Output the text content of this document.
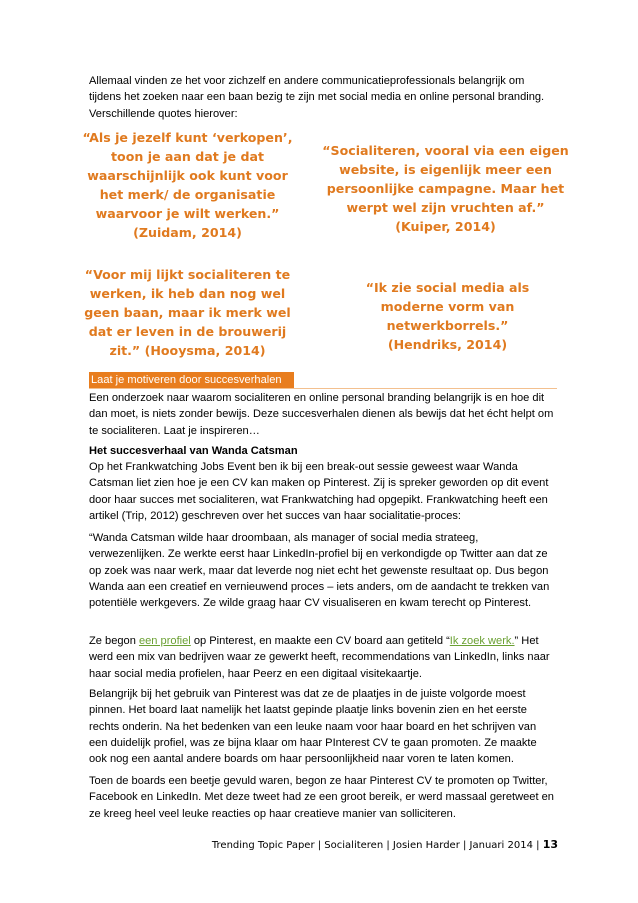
Allemaal vinden ze het voor zichzelf en andere communicatieprofessionals belangrijk om tijdens het zoeken naar een baan bezig te zijn met social media en online personal branding. Verschillende quotes hierover:

“Als je jezelf kunt ‘verkopen’,
toon je aan dat je dat
waarschijnlijk ook kunt voor
het merk/ de organisatie
waarvoor je wilt werken.”
(Zuidam, 2014)
“Socialiteren, vooral via een eigen
website, is eigenlijk meer een
persoonlijke campagne. Maar het
werpt wel zijn vruchten af.”
(Kuiper, 2014)
“Voor mij lijkt socialiteren te
werken, ik heb dan nog wel
geen baan, maar ik merk wel
dat er leven in de brouwerij
zit.” (Hooysma, 2014)
“Ik zie social media als
moderne vorm van
netwerkborrels.”
(Hendriks, 2014)
Laat je motiveren door succesverhalen

Een onderzoek naar waarom socialiteren en online personal branding belangrijk is en hoe dit dan moet, is niets zonder bewijs. Deze succesverhalen dienen als bewijs dat het écht helpt om te socialiteren. Laat je inspireren…

Het succesverhaal van Wanda Catsman

Op het Frankwatching Jobs Event ben ik bij een break-out sessie geweest waar Wanda Catsman liet zien hoe je een CV kan maken op Pinterest. Zij is spreker geworden op dit event door haar succes met socialiteren, wat Frankwatching had opgepikt. Frankwatching heeft een artikel (Trip, 2012) geschreven over het succes van haar socialitatie-proces:

“Wanda Catsman wilde haar droombaan, als manager of social media strateeg, verwezenlijken. Ze werkte eerst haar LinkedIn-profiel bij en verkondigde op Twitter aan dat ze op zoek was naar werk, maar dat leverde nog niet echt het gewenste resultaat op. Dus begon Wanda aan een creatief en vernieuwend proces – iets anders, om de aandacht te trekken van potentiële werkgevers. Ze wilde graag haar CV visualiseren en kwam terecht op Pinterest.

Ze begon een profiel op Pinterest, en maakte een CV board aan getiteld “Ik zoek werk.” Het werd een mix van bedrijven waar ze gewerkt heeft, recommendations van LinkedIn, links naar haar social media profielen, haar Peerz en een digitaal visitekaartje.

Belangrijk bij het gebruik van Pinterest was dat ze de plaatjes in de juiste volgorde moest pinnen. Het board laat namelijk het laatst gepinde plaatje links bovenin zien en het eerste rechts onderin. Na het bedenken van een leuke naam voor haar board en het schrijven van een duidelijk profiel, was ze bijna klaar om haar PInterest CV te gaan promoten. Ze maakte ook nog een aantal andere boards om haar persoonlijkheid naar voren te laten komen.

Toen de boards een beetje gevuld waren, begon ze haar Pinterest CV te promoten op Twitter, Facebook en LinkedIn. Met deze tweet had ze een groot bereik, er werd massaal geretweet en ze kreeg heel veel leuke reacties op haar creatieve manier van solliciteren.

Trending Topic Paper | Socialiteren | Josien Harder | Januari 2014 | 13
